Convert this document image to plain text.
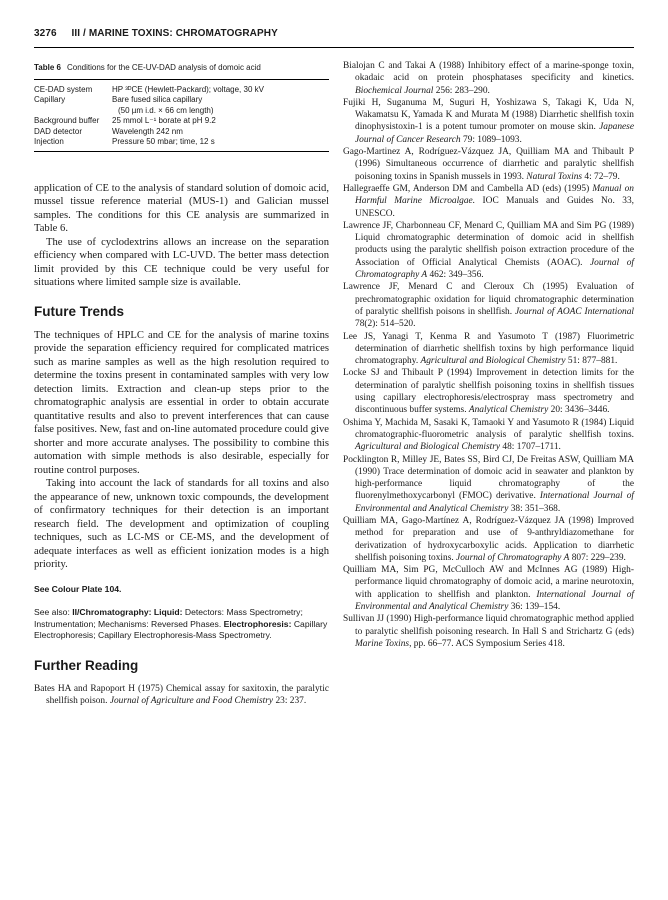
3276 III / MARINE TOXINS: CHROMATOGRAPHY
Table 6 Conditions for the CE-UV-DAD analysis of domoic acid
CE-DAD system	HP ³ᴰCE (Hewlett-Packard); voltage, 30 kV
Capillary	Bare fused silica capillary
	(50 µm i.d. × 66 cm length)
Background buffer	25 mmol L⁻¹ borate at pH 9.2
DAD detector	Wavelength 242 nm
Injection	Pressure 50 mbar; time, 12 s

application of CE to the analysis of standard solution of domoic acid, mussel tissue reference material (MUS-1) and Galician mussel samples. The conditions for this CE analysis are summarized in Table 6.

The use of cyclodextrins allows an increase on the separation efficiency when compared with LC-UVD. The better mass detection limit provided by this CE technique could be very useful for situations where limited sample size is available.

Future Trends

The techniques of HPLC and CE for the analysis of marine toxins provide the separation efficiency required for complicated matrices such as marine samples as well as the high resolution required to determine the toxins present in contaminated samples with very low detection limits. Extraction and clean-up steps prior to the chromatographic analysis are essential in order to obtain accurate quantitative results and also to prevent interferences that can cause false positives. New, fast and on-line automated procedure could give shorter and more accurate analyses. The possibility to combine this automation with simple methods is also desirable, especially for routine control purposes.

Taking into account the lack of standards for all toxins and also the appearance of new, unknown toxic compounds, the development of confirmatory techniques for their detection is an important research field. The development and optimization of coupling techniques, such as LC-MS or CE-MS, and the development of adequate interfaces as well as efficient ionization modes is a high priority.

See Colour Plate 104.
See also: II/Chromatography: Liquid: Detectors: Mass Spectrometry; Instrumentation; Mechanisms: Reversed Phases. Electrophoresis: Capillary Electrophoresis; Capillary Electrophoresis-Mass Spectrometry.
Further Reading
Bates HA and Rapoport H (1975) Chemical assay for saxitoxin, the paralytic shellfish poison. Journal of Agriculture and Food Chemistry 23: 237.
Bialojan C and Takai A (1988) Inhibitory effect of a marine-sponge toxin, okadaic acid on protein phosphatases specificity and kinetics. Biochemical Journal 256: 283–290.
Fujiki H, Suganuma M, Suguri H, Yoshizawa S, Takagi K, Uda N, Wakamatsu K, Yamada K and Murata M (1988) Diarrhetic shellfish toxin dinophysistoxin-1 is a potent tumour promoter on mouse skin. Japanese Journal of Cancer Research 79: 1089–1093.
Gago-Martinez A, Rodríguez-Vázquez JA, Quilliam MA and Thibault P (1996) Simultaneous occurrence of diarrhetic and paralytic shellfish poisoning toxins in Spanish mussels in 1993. Natural Toxins 4: 72–79.
Hallegraeffe GM, Anderson DM and Cambella AD (eds) (1995) Manual on Harmful Marine Microalgae. IOC Manuals and Guides No. 33, UNESCO.
Lawrence JF, Charbonneau CF, Menard C, Quilliam MA and Sim PG (1989) Liquid chromatographic determination of domoic acid in shellfish products using the paralytic shellfish poison extraction procedure of the Association of Official Analytical Chemists (AOAC). Journal of Chromatography A 462: 349–356.
Lawrence JF, Menard C and Cleroux Ch (1995) Evaluation of prechromatographic oxidation for liquid chromatographic determination of paralytic shellfish poisons in shellfish. Journal of AOAC International 78(2): 514–520.
Lee JS, Yanagi T, Kenma R and Yasumoto T (1987) Fluorimetric determination of diarrhetic shellfish toxins by high performance liquid chromatography. Agricultural and Biological Chemistry 51: 877–881.
Locke SJ and Thibault P (1994) Improvement in detection limits for the determination of paralytic shellfish poisoning toxins in shellfish tissues using capillary electrophoresis/electrospray mass spectrometry and discontinuous buffer systems. Analytical Chemistry 20: 3436–3446.
Oshima Y, Machida M, Sasaki K, Tamaoki Y and Yasumoto R (1984) Liquid chromatographic-fluorometric analysis of paralytic shellfish toxins. Agricultural and Biological Chemistry 48: 1707–1711.
Pocklington R, Milley JE, Bates SS, Bird CJ, De Freitas ASW, Quilliam MA (1990) Trace determination of domoic acid in seawater and plankton by high-performance liquid chromatography of the fluorenylmethoxycarbonyl (FMOC) derivative. International Journal of Environmental and Analytical Chemistry 38: 351–368.
Quilliam MA, Gago-Martínez A, Rodríguez-Vázquez JA (1998) Improved method for preparation and use of 9-anthryldiazomethane for derivatization of hydroxycarboxylic acids. Application to diarrhetic shellfish poisoning toxins. Journal of Chromatography A 807: 229–239.
Quilliam MA, Sim PG, McCulloch AW and McInnes AG (1989) High-performance liquid chromatography of domoic acid, a marine neurotoxin, with application to shellfish and plankton. International Journal of Environmental and Analytical Chemistry 36: 139–154.
Sullivan JJ (1990) High-performance liquid chromatographic method applied to paralytic shellfish poisoning research. In Hall S and Strichartz G (eds) Marine Toxins, pp. 66–77. ACS Symposium Series 418.
